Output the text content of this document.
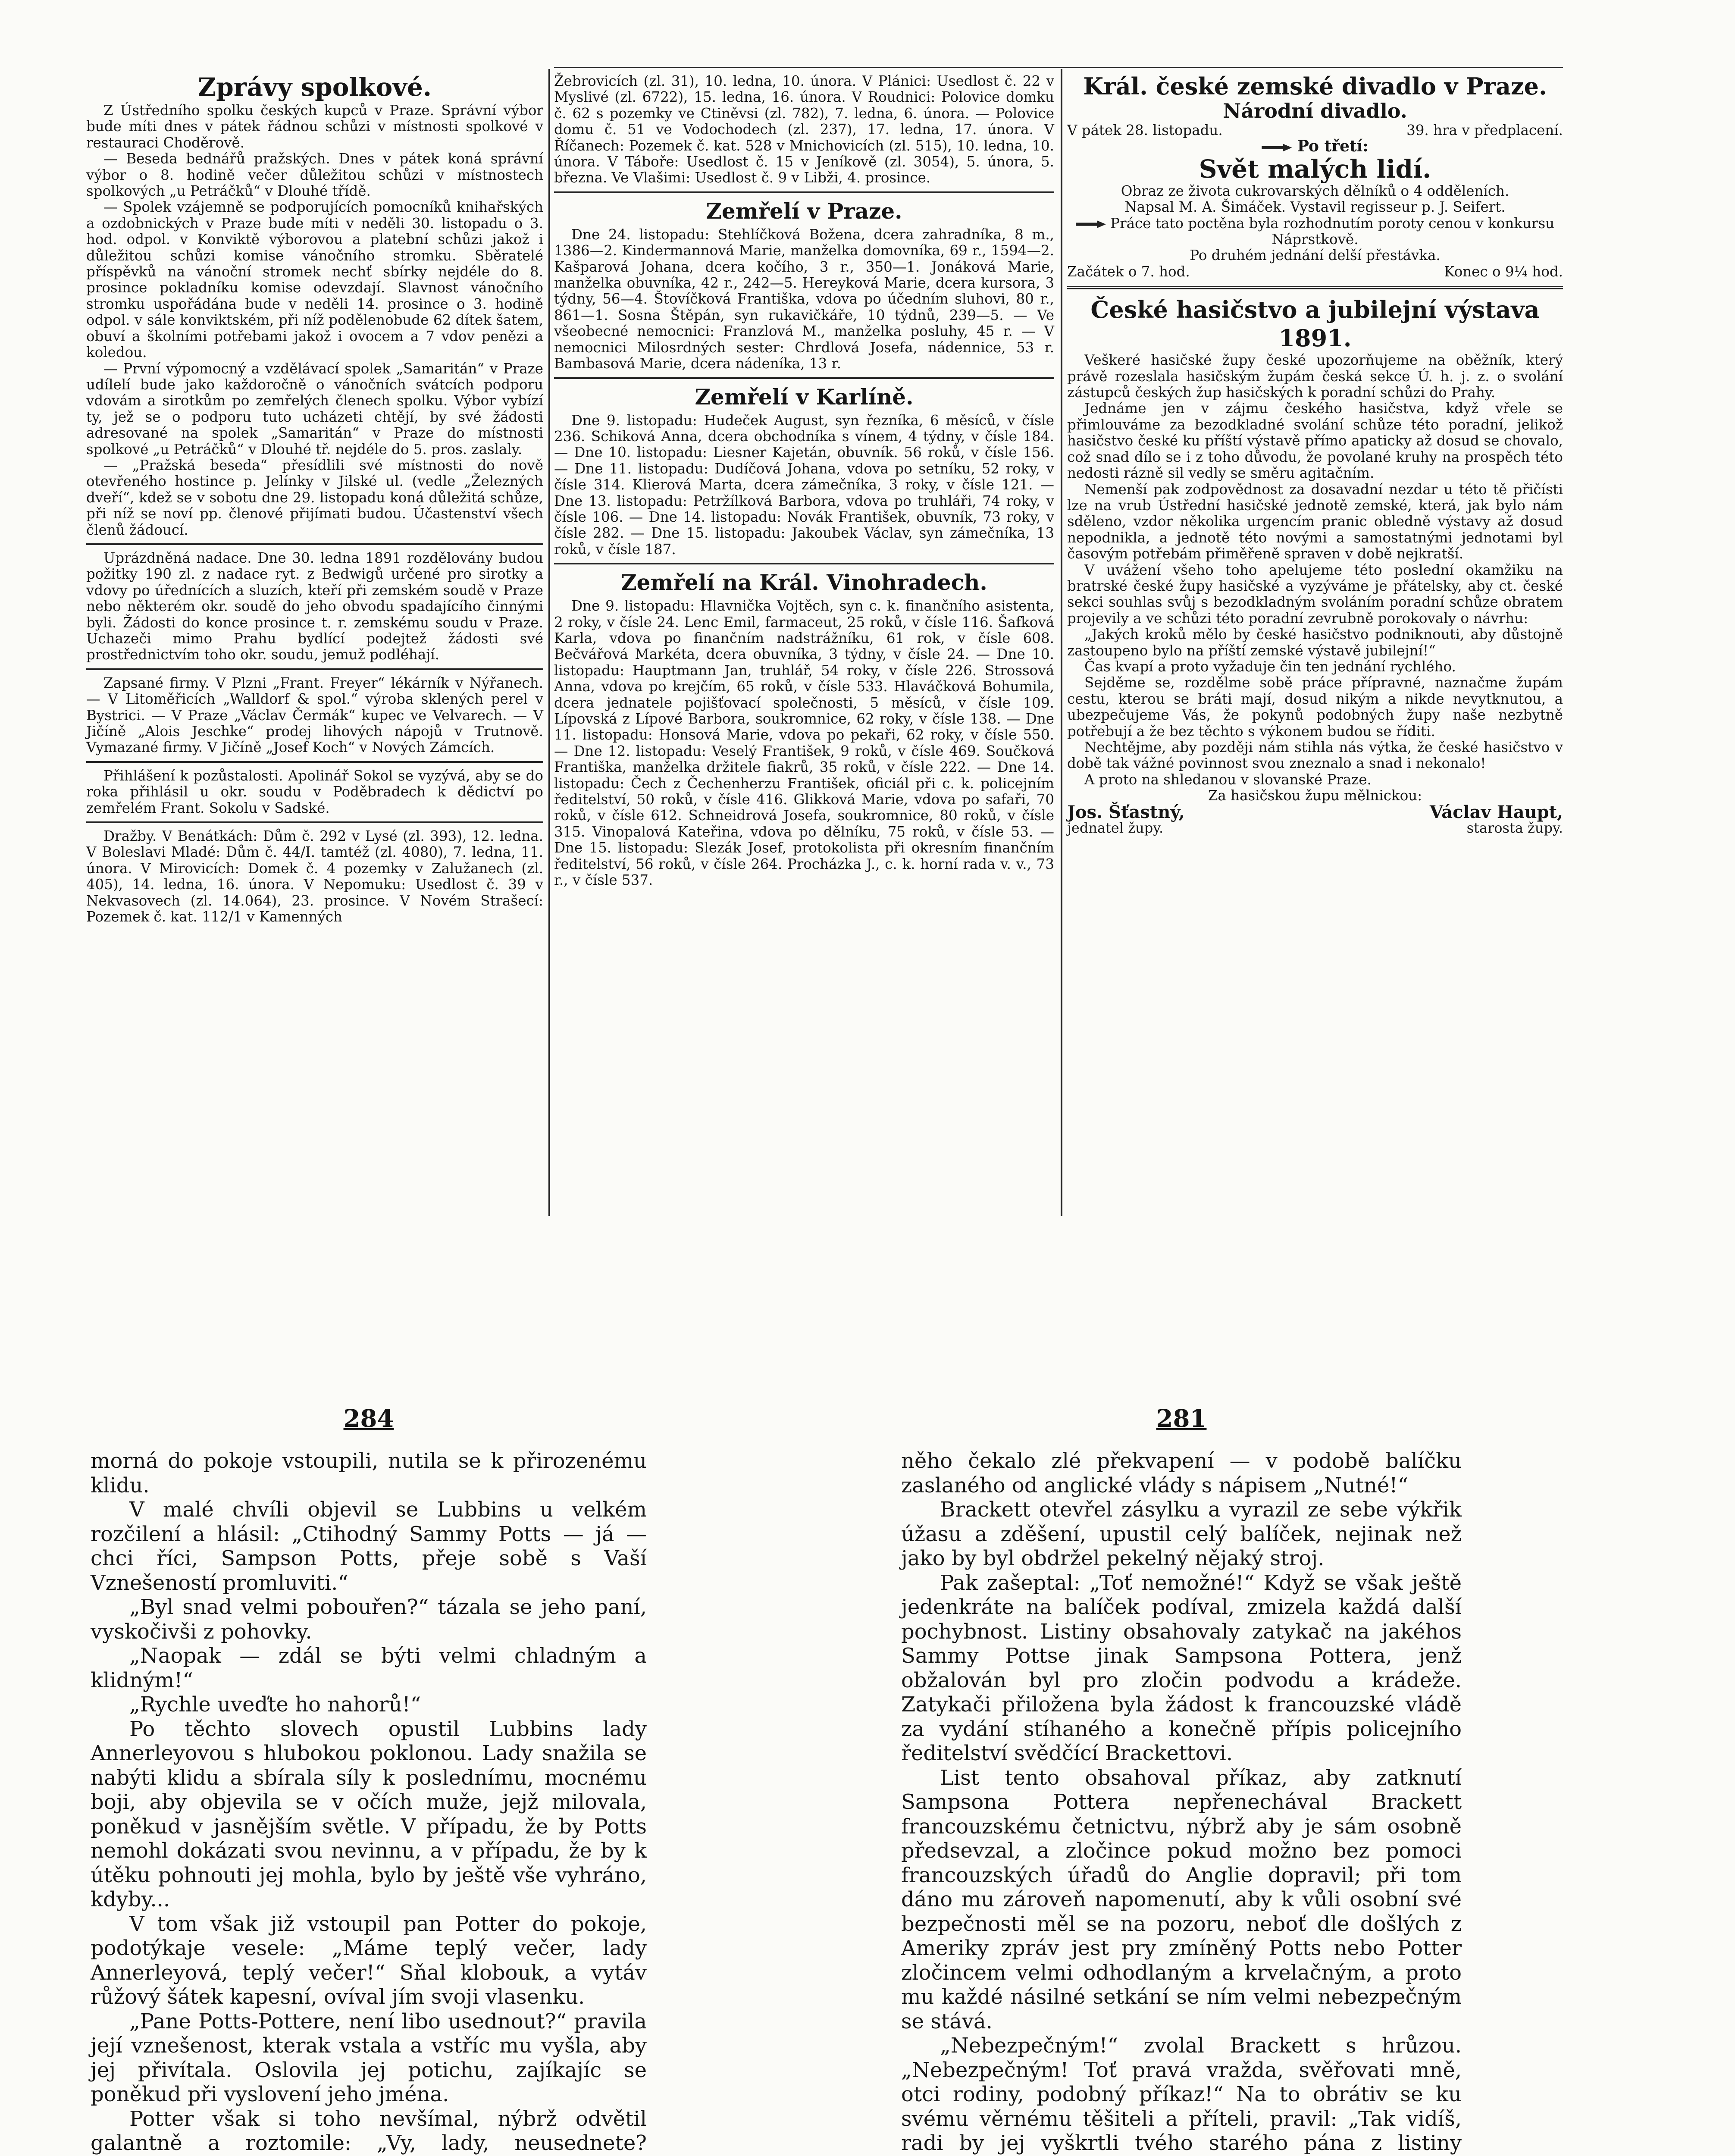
Zprávy spolkové.

Z Ústředního spolku českých kupců v Praze. Správní výbor bude míti dnes v pátek řádnou schůzi v místnosti spolkové v restauraci Choděrově.

— Beseda bednářů pražských. Dnes v pátek koná správní výbor o 8. hodině večer důležitou schůzi v místnostech spolkových „u Petráčků“ v Dlouhé třídě.

— Spolek vzájemně se podporujících pomocníků knihařských a ozdobnických v Praze bude míti v neděli 30. listopadu o 3. hod. odpol. v Konviktě výborovou a platební schůzi jakož i důležitou schůzi komise vánočního stromku. Sběratelé příspěvků na vánoční stromek nechť sbírky nejdéle do 8. prosince pokladníku komise odevzdají. Slavnost vánočního stromku uspořádána bude v neděli 14. prosince o 3. hodině odpol. v sále konviktském, při níž podělenobude 62 dítek šatem, obuví a školními potřebami jakož i ovocem a 7 vdov penězi a koledou.

— První výpomocný a vzdělávací spolek „Samaritán“ v Praze udílelí bude jako každoročně o vánočních svátcích podporu vdovám a sirotkům po zemřelých členech spolku. Výbor vybízí ty, jež se o podporu tuto ucházeti chtějí, by své žádosti adresované na spolek „Samaritán“ v Praze do místnosti spolkové „u Petráčků“ v Dlouhé tř. nejdéle do 5. pros. zaslaly.

— „Pražská beseda“ přesídlili své místnosti do nově otevřeného hostince p. Jelínky v Jilské ul. (vedle „Železných dveří“, kdež se v sobotu dne 29. listopadu koná důležitá schůze, při níž se noví pp. členové přijímati budou. Účastenství všech členů žádoucí.

Uprázdněná nadace. Dne 30. ledna 1891 rozdělovány budou požitky 190 zl. z nadace ryt. z Bedwigů určené pro sirotky a vdovy po úřednících a sluzích, kteří při zemském soudě v Praze nebo některém okr. soudě do jeho obvodu spadajícího činnými byli. Žádosti do konce prosince t. r. zemskému soudu v Praze. Uchazeči mimo Prahu bydlící podejtež žádosti své prostřednictvím toho okr. soudu, jemuž podléhají.

Zapsané firmy. V Plzni „Frant. Freyer“ lékárník v Nýřanech. — V Litoměřicích „Walldorf & spol.“ výroba sklených perel v Bystrici. — V Praze „Václav Čermák“ kupec ve Velvarech. — V Jičíně „Alois Jeschke“ prodej lihových nápojů v Trutnově. Vymazané firmy. V Jičíně „Josef Koch“ v Nových Zámcích.

Přihlášení k pozůstalosti. Apolinář Sokol se vyzývá, aby se do roka přihlásil u okr. soudu v Poděbradech k dědictví po zemřelém Frant. Sokolu v Sadské.

Dražby. V Benátkách: Dům č. 292 v Lysé (zl. 393), 12. ledna. V Boleslavi Mladé: Dům č. 44/I. tamtéž (zl. 4080), 7. ledna, 11. února. V Mirovicích: Domek č. 4 pozemky v Zalužanech (zl. 405), 14. ledna, 16. února. V Nepomuku: Usedlost č. 39 v Nekvasovech (zl. 14.064), 23. prosince. V Novém Strašecí: Pozemek č. kat. 112/1 v Kamenných

Žebrovicích (zl. 31), 10. ledna, 10. února. V Plánici: Usedlost č. 22 v Myslivé (zl. 6722), 15. ledna, 16. února. V Roudnici: Polovice domku č. 62 s pozemky ve Ctiněvsi (zl. 782), 7. ledna, 6. února. — Polovice domu č. 51 ve Vodochodech (zl. 237), 17. ledna, 17. února. V Říčanech: Pozemek č. kat. 528 v Mnichovicích (zl. 515), 10. ledna, 10. února. V Táboře: Usedlost č. 15 v Jeníkově (zl. 3054), 5. února, 5. března. Ve Vlašimi: Usedlost č. 9 v Libži, 4. prosince.

Zemřelí v Praze.

Dne 24. listopadu: Stehlíčková Božena, dcera zahradníka, 8 m., 1386—2. Kindermannová Marie, manželka domovníka, 69 r., 1594—2. Kašparová Johana, dcera kočího, 3 r., 350—1. Jonáková Marie, manželka obuvníka, 42 r., 242—5. Hereyková Marie, dcera kursora, 3 týdny, 56—4. Štovíčková Františka, vdova po účedním sluhovi, 80 r., 861—1. Sosna Štěpán, syn rukavičkáře, 10 týdnů, 239—5. — Ve všeobecné nemocnici: Franzlová M., manželka posluhy, 45 r. — V nemocnici Milosrdných sester: Chrdlová Josefa, nádennice, 53 r. Bambasová Marie, dcera nádeníka, 13 r.

Zemřelí v Karlíně.

Dne 9. listopadu: Hudeček August, syn řezníka, 6 měsíců, v čísle 236. Schiková Anna, dcera obchodníka s vínem, 4 týdny, v čísle 184. — Dne 10. listopadu: Liesner Kajetán, obuvník. 56 roků, v čísle 156. — Dne 11. listopadu: Dudíčová Johana, vdova po setníku, 52 roky, v čísle 314. Klierová Marta, dcera zámečníka, 3 roky, v čísle 121. — Dne 13. listopadu: Petržílková Barbora, vdova po truhláři, 74 roky, v čísle 106. — Dne 14. listopadu: Novák František, obuvník, 73 roky, v čísle 282. — Dne 15. listopadu: Jakoubek Václav, syn zámečníka, 13 roků, v čísle 187.

Zemřelí na Král. Vinohradech.

Dne 9. listopadu: Hlavnička Vojtěch, syn c. k. finančního asistenta, 2 roky, v čísle 24. Lenc Emil, farmaceut, 25 roků, v čísle 116. Šafková Karla, vdova po finančním nadstrážníku, 61 rok, v čísle 608. Bečvářová Markéta, dcera obuvníka, 3 týdny, v čísle 24. — Dne 10. listopadu: Hauptmann Jan, truhlář, 54 roky, v čísle 226. Strossová Anna, vdova po krejčím, 65 roků, v čísle 533. Hlaváčková Bohumila, dcera jednatele pojišťovací společnosti, 5 měsíců, v čísle 109. Lípovská z Lípové Barbora, soukromnice, 62 roky, v čísle 138. — Dne 11. listopadu: Honsová Marie, vdova po pekaři, 62 roky, v čísle 550. — Dne 12. listopadu: Veselý František, 9 roků, v čísle 469. Součková Františka, manželka držitele fiakrů, 35 roků, v čísle 222. — Dne 14. listopadu: Čech z Čechenherzu František, oficiál při c. k. policejním ředitelství, 50 roků, v čísle 416. Glikková Marie, vdova po safaři, 70 roků, v čísle 612. Schneidrová Josefa, soukromnice, 80 roků, v čísle 315. Vinopalová Kateřina, vdova po dělníku, 75 roků, v čísle 53. — Dne 15. listopadu: Slezák Josef, protokolista při okresním finančním ředitelství, 56 roků, v čísle 264. Procházka J., c. k. horní rada v. v., 73 r., v čísle 537.

Král. české zemské divadlo v Praze.
Národní divadlo.
V pátek 28. listopadu.	39. hra v předplacení.
Po třetí:
Svět malých lidí.
Obraz ze života cukrovarských dělníků o 4 odděleních.
Napsal M. A. Šimáček. Vystavil regisseur p. J. Seifert.
Práce tato poctěna byla rozhodnutím poroty cenou v konkursu Náprstkově.
Po druhém jednání delší přestávka.
Začátek o 7. hod.	Konec o 9¼ hod.
České hasičstvo a jubilejní výstava 1891.

Veškeré hasičské župy české upozorňujeme na oběžník, který právě rozeslala hasičským župám česká sekce Ú. h. j. z. o svolání zástupců českých žup hasičských k poradní schůzi do Prahy.

Jednáme jen v zájmu českého hasičstva, když vřele se přimlouváme za bezodkladné svolání schůze této poradní, jelikož hasičstvo české ku příští výstavě přímo apaticky až dosud se chovalo, což snad dílo se i z toho důvodu, že povolané kruhy na prospěch této nedosti rázně sil vedly se směru agitačním.

Nemenší pak zodpovědnost za dosavadní nezdar u této tě přičísti lze na vrub Ústřední hasičské jednotě zemské, která, jak bylo nám sděleno, vzdor několika urgencím pranic obledně výstavy až dosud nepodnikla, a jednotě této novými a samostatnými jednotami byl časovým potřebám přiměřeně spraven v době nejkratší.

V uvážení všeho toho apelujeme této poslední okamžiku na bratrské české župy hasičské a vyzýváme je přátelsky, aby ct. české sekci souhlas svůj s bezodkladným svoláním poradní schůze obratem projevily a ve schůzi této poradní zevrubně porokovaly o návrhu:

„Jakých kroků mělo by české hasičstvo podniknouti, aby důstojně zastoupeno bylo na příští zemské výstavě jubilejní!“

Čas kvapí a proto vyžaduje čin ten jednání rychlého.

Sejděme se, rozdělme sobě práce přípravné, naznačme župám cestu, kterou se bráti mají, dosud nikým a nikde nevytknutou, a ubezpečujeme Vás, že pokynů podobných župy naše nezbytně potřebují a že bez těchto s výkonem budou se říditi.

Nechtějme, aby později nám stihla nás výtka, že české hasičstvo v době tak vážné povinnost svou zneznalo a snad i nekonalo!

A proto na shledanou v slovanské Praze.

Za hasičskou župu mělnickou:

Jos. Šťastný,	Václav Haupt,
jednatel župy.	starosta župy.
284

morná do pokoje vstoupili, nutila se k přirozenému klidu.

V malé chvíli objevil se Lubbins u velkém rozčilení a hlásil: „Ctihodný Sammy Potts — já — chci říci, Sampson Potts, přeje sobě s Vaší Vznešeností promluviti.“

„Byl snad velmi pobouřen?“ tázala se jeho paní, vyskočivši z pohovky.

„Naopak — zdál se býti velmi chladným a klidným!“

„Rychle uveďte ho nahorů!“

Po těchto slovech opustil Lubbins lady Annerleyovou s hlubokou poklonou. Lady snažila se nabýti klidu a sbírala síly k poslednímu, mocnému boji, aby objevila se v očích muže, jejž milovala, poněkud v jasnějším světle. V případu, že by Potts nemohl dokázati svou nevinnu, a v případu, že by k útěku pohnouti jej mohla, bylo by ještě vše vyhráno, kdyby...

V tom však již vstoupil pan Potter do pokoje, podotýkaje vesele: „Máme teplý večer, lady Annerleyová, teplý večer!“ Sňal klobouk, a vytáv růžový šátek kapesní, ovíval jím svoji vlasenku.

„Pane Potts-Pottere, není libo usednout?“ pravila její vznešenost, kterak vstala a vstříc mu vyšla, aby jej přivítala. Oslovila jej potichu, zajíkajíc se poněkud při vyslovení jeho jména.

Potter však si toho nevšímal, nýbrž odvětil galantně a roztomile: „Vy, lady, neusednete?

281

něho čekalo zlé překvapení — v podobě balíčku zaslaného od anglické vlády s nápisem „Nutné!“

Brackett otevřel zásylku a vyrazil ze sebe výkřik úžasu a zděšení, upustil celý balíček, nejinak než jako by byl obdržel pekelný nějaký stroj.

Pak zašeptal: „Toť nemožné!“ Když se však ještě jedenkráte na balíček podíval, zmizela každá další pochybnost. Listiny obsahovaly zatykač na jakéhos Sammy Pottse jinak Sampsona Pottera, jenž obžalován byl pro zločin podvodu a krádeže. Zatykači přiložena byla žádost k francouzské vládě za vydání stíhaného a konečně přípis policejního ředitelství svědčící Brackettovi.

List tento obsahoval příkaz, aby zatknutí Sampsona Pottera nepřenechával Brackett francouzskému četnictvu, nýbrž aby je sám osobně předsevzal, a zločince pokud možno bez pomoci francouzských úřadů do Anglie dopravil; při tom dáno mu zároveň napomenutí, aby k vůli osobní své bezpečnosti měl se na pozoru, neboť dle došlých z Ameriky zpráv jest pry zmíněný Potts nebo Potter zločincem velmi odhodlaným a krvelačným, a proto mu každé násilné setkání se ním velmi nebezpečným se stává.

„Nebezpečným!“ zvolal Brackett s hrůzou. „Nebezpečným! Toť pravá vražda, svěřovati mně, otci rodiny, podobný příkaz!“ Na to obrátiv se ku svému věrnému těšiteli a příteli, pravil: „Tak vidíš, radi by jej vyškrtli tvého starého pána z listiny
